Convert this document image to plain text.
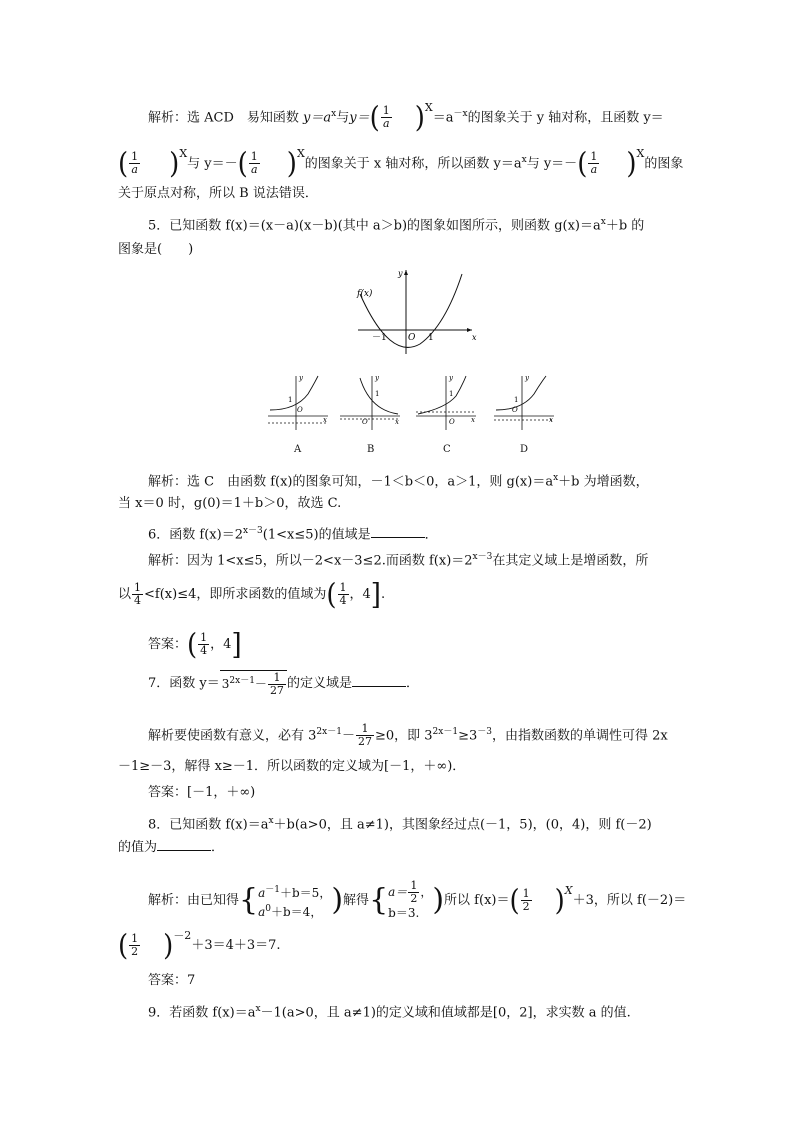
解析：选 ACD　易知函数 $y=a^x$与$y=( \frac{1}{a} )^X=a^{-x}$的图象关于 y 轴对称，且函数 y＝
( $\frac{1}{a} )^X$与 $y=-( \frac{1}{a} )^X$的图象关于 x 轴对称，所以函数 $y=a^x$与 $y=-( \frac{1}{a} )^X$的图象
关于原点对称，所以 B 说法错误．
5．已知函数 f(x)＝(x－a)(x－b)(其中 a＞b)的图象如图所示，则函数 $g(x)=a^x+b$ 的
图象是(　　)
f(x)
y
x
O
－1	1
y
1
O
x
A
y
1
O	x
B
y
1
O x
C
y
1
O
x
D
解析：选 C　由函数 f(x)的图象可知，－1＜b＜0，a＞1，则 $g(x)=a^x+b$ 为增函数，
当 x＝0 时，g(0)＝1＋b＞0，故选 C.
6．函数 $f(x)=2^{x-3}(1<x\le 5)$的值域是	．
解析：因为 1<x≤5，所以－2<x－3≤2.而函数 $f(x)=2^{x-3}$在其定义域上是增函数，所
以 $\frac{1}{4} <f(x)\le 4$，即所求函数的值域为( $\frac{1}{4}$ ，4].
答案：( $\frac{1}{4}$ ，4]
7．函数 $y= 3^{2x-1}- \frac{1}{27}$ 的定义域是	．
解析要使函数有意义，必有 $3^{2x-1}- \frac{1}{27} \ge 0$，即 $3^{2x-1}\ge 3^{-3}$，由指数函数的单调性可得 2x
－1≥－3，解得 x≥－1．所以函数的定义域为[－1，＋∞)．
答案：[－1，＋∞)
8．已知函数 $f(x)=a^x+b(a>0$，且 a≠1)，其图象经过点(－1，5)，(0，4)，则 f(－2)
的值为	．
解析：由已知得{$a^{-1}+b=5$，
$a^0+b=4$， )解得{$a= \frac{1}{2}$ ，
b＝3. )所以 $f(x)=( \frac{1}{2} )^X+3$，所以 f(－2)＝
( $\frac{1}{2} )^{-2}+3=4+3=7$.
答案：7
9．若函数 $f(x)=a^x-1(a>0$，且 a≠1)的定义域和值域都是[0，2]，求实数 a 的值.
